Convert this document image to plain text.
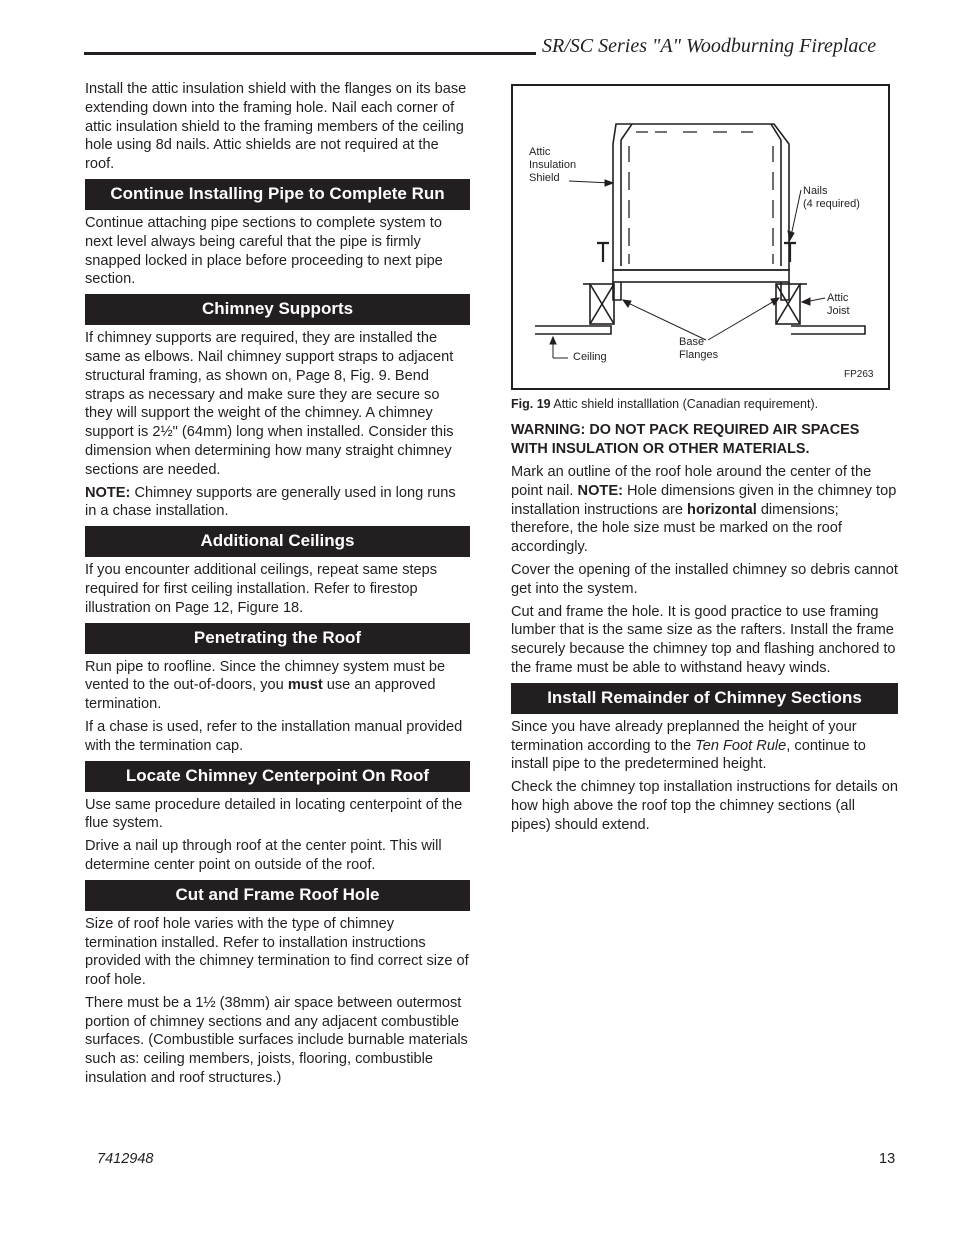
SR/SC Series "A" Woodburning Fireplace

Install the attic insulation shield with the flanges on its base extending down into the framing hole. Nail each corner of attic insulation shield to the framing members of the ceiling hole using 8d nails. Attic shields are not required at the roof.

Continue Installing Pipe to Complete Run

Continue attaching pipe sections to complete system to next level always being careful that the pipe is firmly snapped locked in place before proceeding to next pipe section.

Chimney Supports

If chimney supports are required, they are installed the same as elbows. Nail chimney support straps to adjacent structural framing, as shown on, Page 8, Fig. 9. Bend straps as necessary and make sure they are secure so they will support the weight of the chimney. A chimney support is 2½" (64mm) long when installed. Consider this dimension when determining how many straight chimney sections are needed.

NOTE: Chimney supports are generally used in long runs in a chase installation.

Additional Ceilings

If you encounter additional ceilings, repeat same steps required for first ceiling installation. Refer to firestop illustration on Page 12, Figure 18.

Penetrating the Roof

Run pipe to roofline. Since the chimney system must be vented to the out-of-doors, you must use an approved termination.

If a chase is used, refer to the installation manual provided with the termination cap.

Locate Chimney Centerpoint On Roof

Use same procedure detailed in locating centerpoint of the flue system.

Drive a nail up through roof at the center point. This will determine center point on outside of the roof.

Cut and Frame Roof Hole

Size of roof hole varies with the type of chimney termination installed. Refer to installation instructions provided with the chimney termination to find correct size of roof hole.

There must be a 1½ (38mm) air space between outermost portion of chimney sections and any adjacent combustible surfaces. (Combustible surfaces include burnable materials such as: ceiling members, joists, flooring, combustible insulation and roof structures.)

Attic
Insulation
Shield
Nails
(4 required)
Attic
Joist
Base
Flanges
Ceiling
FP263
Fig. 19 Attic shield installlation (Canadian requirement).
WARNING: DO NOT PACK REQUIRED AIR SPACES WITH INSULATION OR OTHER MATERIALS.

Mark an outline of the roof hole around the center of the point nail. NOTE: Hole dimensions given in the chimney top installation instructions are horizontal dimensions; therefore, the hole size must be marked on the roof accordingly.

Cover the opening of the installed chimney so debris cannot get into the system.

Cut and frame the hole. It is good practice to use framing lumber that is the same size as the rafters. Install the frame securely because the chimney top and flashing anchored to the frame must be able to withstand heavy winds.

Install Remainder of Chimney Sections

Since you have already preplanned the height of your termination according to the Ten Foot Rule, continue to install pipe to the predetermined height.

Check the chimney top installation instructions for details on how high above the roof top the chimney sections (all pipes) should extend.

7412948	13
